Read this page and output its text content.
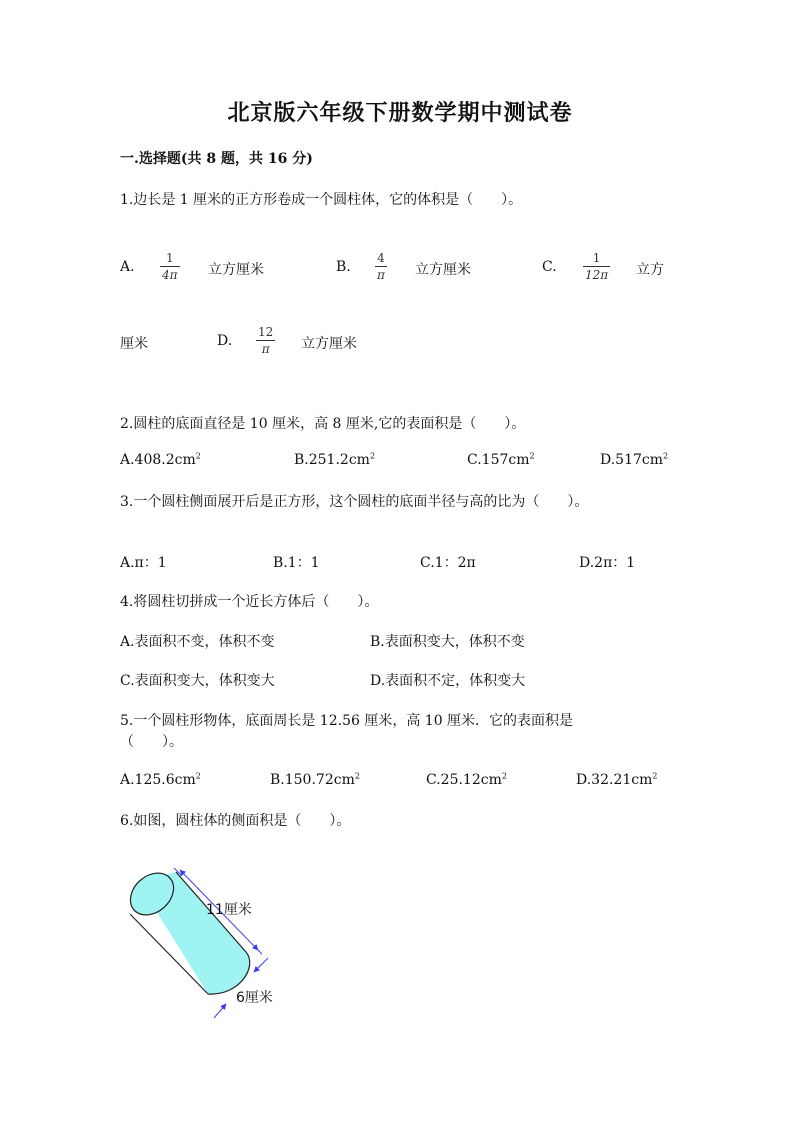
北京版六年级下册数学期中测试卷
一.选择题(共 8 题，共 16 分)
1.边长是 1 厘米的正方形卷成一个圆柱体，它的体积是（　　）。
A.
1
4π 立方厘米	B.
4
π 立方厘米	C.
1
12π 立方
厘米	D.
12
π 立方厘米
2.圆柱的底面直径是 10 厘米，高 8 厘米,它的表面积是（　　）。
$A.408.2cm^2$	$B.251.2cm^2$	$C.157cm^2$	$D.517cm^2$
3.一个圆柱侧面展开后是正方形，这个圆柱的底面半径与高的比为（　　）。
A.π：1	B.1：1	C.1：2π	D.2π：1
4.将圆柱切拼成一个近长方体后（　　）。
A.表面积不变，体积不变	B.表面积变大，体积不变
C.表面积变大，体积变大	D.表面积不定，体积变大
5.一个圆柱形物体，底面周长是 12.56 厘米，高 10 厘米．它的表面积是
（　　）。
$A.125.6cm^2$	$B.150.72cm^2$	$C.25.12cm^2$	$D.32.21cm^2$
6.如图，圆柱体的侧面积是（　　）。
11厘米
6厘米
